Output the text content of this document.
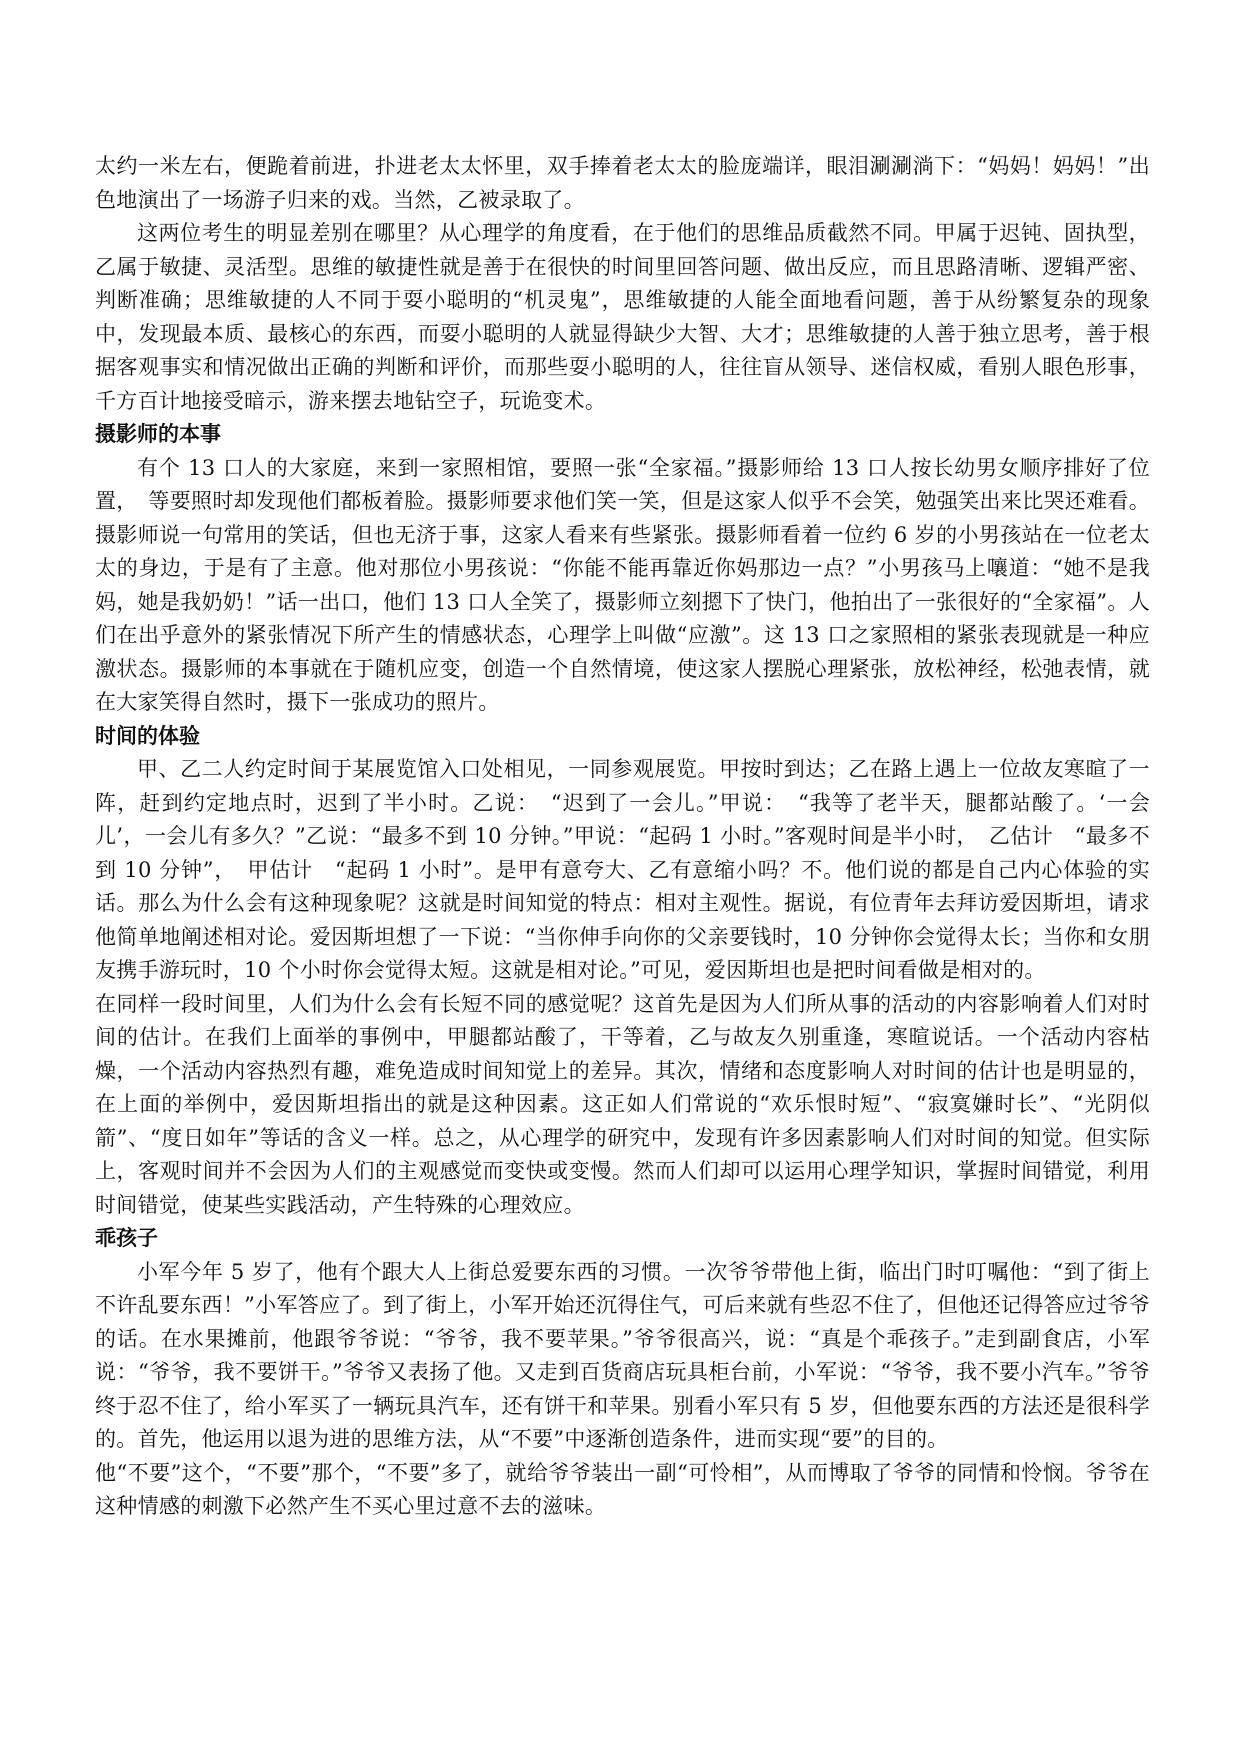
太约一米左右，便跪着前进，扑进老太太怀里，双手捧着老太太的脸庞端详，眼泪涮涮淌下：“妈妈！妈妈！”出色地演出了一场游子归来的戏。当然，乙被录取了。

这两位考生的明显差别在哪里？从心理学的角度看，在于他们的思维品质截然不同。甲属于迟钝、固执型，乙属于敏捷、灵活型。思维的敏捷性就是善于在很快的时间里回答问题、做出反应，而且思路清晰、逻辑严密、判断准确；思维敏捷的人不同于耍小聪明的“机灵鬼”，思维敏捷的人能全面地看问题，善于从纷繁复杂的现象中，发现最本质、最核心的东西，而耍小聪明的人就显得缺少大智、大才；思维敏捷的人善于独立思考，善于根据客观事实和情况做出正确的判断和评价，而那些耍小聪明的人，往往盲从领导、迷信权威，看别人眼色形事，千方百计地接受暗示，游来摆去地钻空子，玩诡变术。

摄影师的本事

有个 13 口人的大家庭，来到一家照相馆，要照一张“全家福。”摄影师给 13 口人按长幼男女顺序排好了位置，　等要照时却发现他们都板着脸。摄影师要求他们笑一笑，但是这家人似乎不会笑，勉强笑出来比哭还难看。摄影师说一句常用的笑话，但也无济于事，这家人看来有些紧张。摄影师看着一位约 6 岁的小男孩站在一位老太太的身边，于是有了主意。他对那位小男孩说：“你能不能再靠近你妈那边一点？”小男孩马上嚷道：“她不是我妈，她是我奶奶！”话一出口，他们 13 口人全笑了，摄影师立刻摁下了快门，他拍出了一张很好的“全家福”。人们在出乎意外的紧张情况下所产生的情感状态，心理学上叫做“应激”。这 13 口之家照相的紧张表现就是一种应激状态。摄影师的本事就在于随机应变，创造一个自然情境，使这家人摆脱心理紧张，放松神经，松弛表情，就在大家笑得自然时，摄下一张成功的照片。

时间的体验

甲、乙二人约定时间于某展览馆入口处相见，一同参观展览。甲按时到达；乙在路上遇上一位故友寒暄了一阵，赶到约定地点时，迟到了半小时。乙说：　“迟到了一会儿。”甲说：　“我等了老半天，腿都站酸了。‘一会儿’，一会儿有多久？”乙说：“最多不到 10 分钟。”甲说：“起码 1 小时。”客观时间是半小时，　乙估计　“最多不到 10 分钟”，　甲估计　“起码 1 小时”。是甲有意夸大、乙有意缩小吗？不。他们说的都是自己内心体验的实话。那么为什么会有这种现象呢？这就是时间知觉的特点：相对主观性。据说，有位青年去拜访爱因斯坦，请求他简单地阐述相对论。爱因斯坦想了一下说：“当你伸手向你的父亲要钱时，10 分钟你会觉得太长；当你和女朋友携手游玩时，10 个小时你会觉得太短。这就是相对论。”可见，爱因斯坦也是把时间看做是相对的。

在同样一段时间里，人们为什么会有长短不同的感觉呢？这首先是因为人们所从事的活动的内容影响着人们对时间的估计。在我们上面举的事例中，甲腿都站酸了，干等着，乙与故友久别重逢，寒暄说话。一个活动内容枯燥，一个活动内容热烈有趣，难免造成时间知觉上的差异。其次，情绪和态度影响人对时间的估计也是明显的，在上面的举例中，爱因斯坦指出的就是这种因素。这正如人们常说的“欢乐恨时短”、“寂寞嫌时长”、“光阴似箭”、“度日如年”等话的含义一样。总之，从心理学的研究中，发现有许多因素影响人们对时间的知觉。但实际上，客观时间并不会因为人们的主观感觉而变快或变慢。然而人们却可以运用心理学知识，掌握时间错觉，利用时间错觉，使某些实践活动，产生特殊的心理效应。

乖孩子

小军今年 5 岁了，他有个跟大人上街总爱要东西的习惯。一次爷爷带他上街，临出门时叮嘱他：“到了街上不许乱要东西！”小军答应了。到了街上，小军开始还沉得住气，可后来就有些忍不住了，但他还记得答应过爷爷的话。在水果摊前，他跟爷爷说：“爷爷，我不要苹果。”爷爷很高兴，说：“真是个乖孩子。”走到副食店，小军说：“爷爷，我不要饼干。”爷爷又表扬了他。又走到百货商店玩具柜台前，小军说：“爷爷，我不要小汽车。”爷爷终于忍不住了，给小军买了一辆玩具汽车，还有饼干和苹果。别看小军只有 5 岁，但他要东西的方法还是很科学的。首先，他运用以退为进的思维方法，从“不要”中逐渐创造条件，进而实现“要”的目的。

他“不要”这个，“不要”那个，“不要”多了，就给爷爷装出一副“可怜相”，从而博取了爷爷的同情和怜悯。爷爷在这种情感的刺激下必然产生不买心里过意不去的滋味。
